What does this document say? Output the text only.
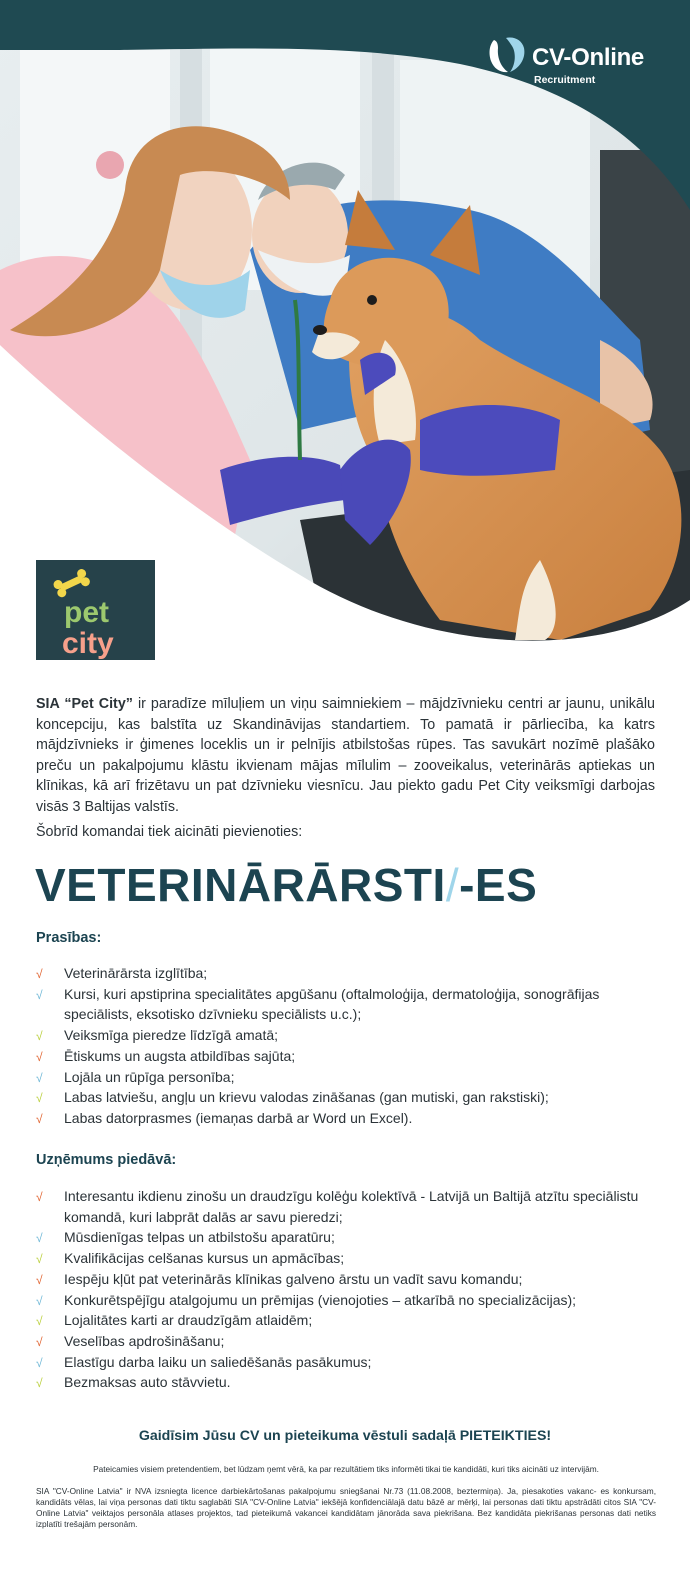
CV-Online
Recruitment
pet
city

SIA “Pet City” ir paradīze mīluļiem un viņu saimniekiem – mājdzīvnieku centri ar jaunu, unikālu koncepciju, kas balstīta uz Skandināvijas standartiem. To pamatā ir pārliecība, ka katrs mājdzīvnieks ir ģimenes loceklis un ir pelnījis atbilstošas rūpes. Tas savukārt nozīmē plašāko preču un pakalpojumu klāstu ikvienam mājas mīlulim – zooveikalus, veterinārās aptiekas un klīnikas, kā arī frizētavu un pat dzīvnieku viesnīcu. Jau piekto gadu Pet City veiksmīgi darbojas visās 3 Baltijas valstīs.

Šobrīd komandai tiek aicināti pievienoties:

VETERINĀRĀRSTI/-ES
Prasības:
√	Veterinārārsta izglītība;
√	Kursi, kuri apstiprina specialitātes apgūšanu (oftalmoloģija, dermatoloģija, sonogrāfijas speciālists, eksotisko dzīvnieku speciālists u.c.);
√	Veiksmīga pieredze līdzīgā amatā;
√	Ētiskums un augsta atbildības sajūta;
√	Lojāla un rūpīga personība;
√	Labas latviešu, angļu un krievu valodas zināšanas (gan mutiski, gan rakstiski);
√	Labas datorprasmes (iemaņas darbā ar Word un Excel).
Uzņēmums piedāvā:
√	Interesantu ikdienu zinošu un draudzīgu kolēģu kolektīvā - Latvijā un Baltijā atzītu speciālistu komandā, kuri labprāt dalās ar savu pieredzi;
√	Mūsdienīgas telpas un atbilstošu aparatūru;
√	Kvalifikācijas celšanas kursus un apmācības;
√	Iespēju kļūt pat veterinārās klīnikas galveno ārstu un vadīt savu komandu;
√	Konkurētspējīgu atalgojumu un prēmijas (vienojoties – atkarībā no specializācijas);
√	Lojalitātes karti ar draudzīgām atlaidēm;
√	Veselības apdrošināšanu;
√	Elastīgu darba laiku un saliedēšanās pasākumus;
√	Bezmaksas auto stāvvietu.

Gaidīsim Jūsu CV un pieteikuma vēstuli sadaļā PIETEIKTIES!

Pateicamies visiem pretendentiem, bet lūdzam ņemt vērā, ka par rezultātiem tiks informēti tikai tie kandidāti, kuri tiks aicināti uz intervijām.

SIA "CV-Online Latvia" ir NVA izsniegta licence darbiekārtošanas pakalpojumu sniegšanai Nr.73 (11.08.2008, beztermiņa). Ja, piesakoties vakanc- es konkursam, kandidāts vēlas, lai viņa personas dati tiktu saglabāti SIA "CV-Online Latvia" iekšējā konfidenciālajā datu bāzē ar mērķi, lai personas dati tiktu apstrādāti citos SIA "CV-Online Latvia" veiktajos personāla atlases projektos, tad pieteikumā vakancei kandidātam jānorāda sava piekrišana. Bez kandidāta piekrišanas personas dati netiks izplatīti trešajām personām.
